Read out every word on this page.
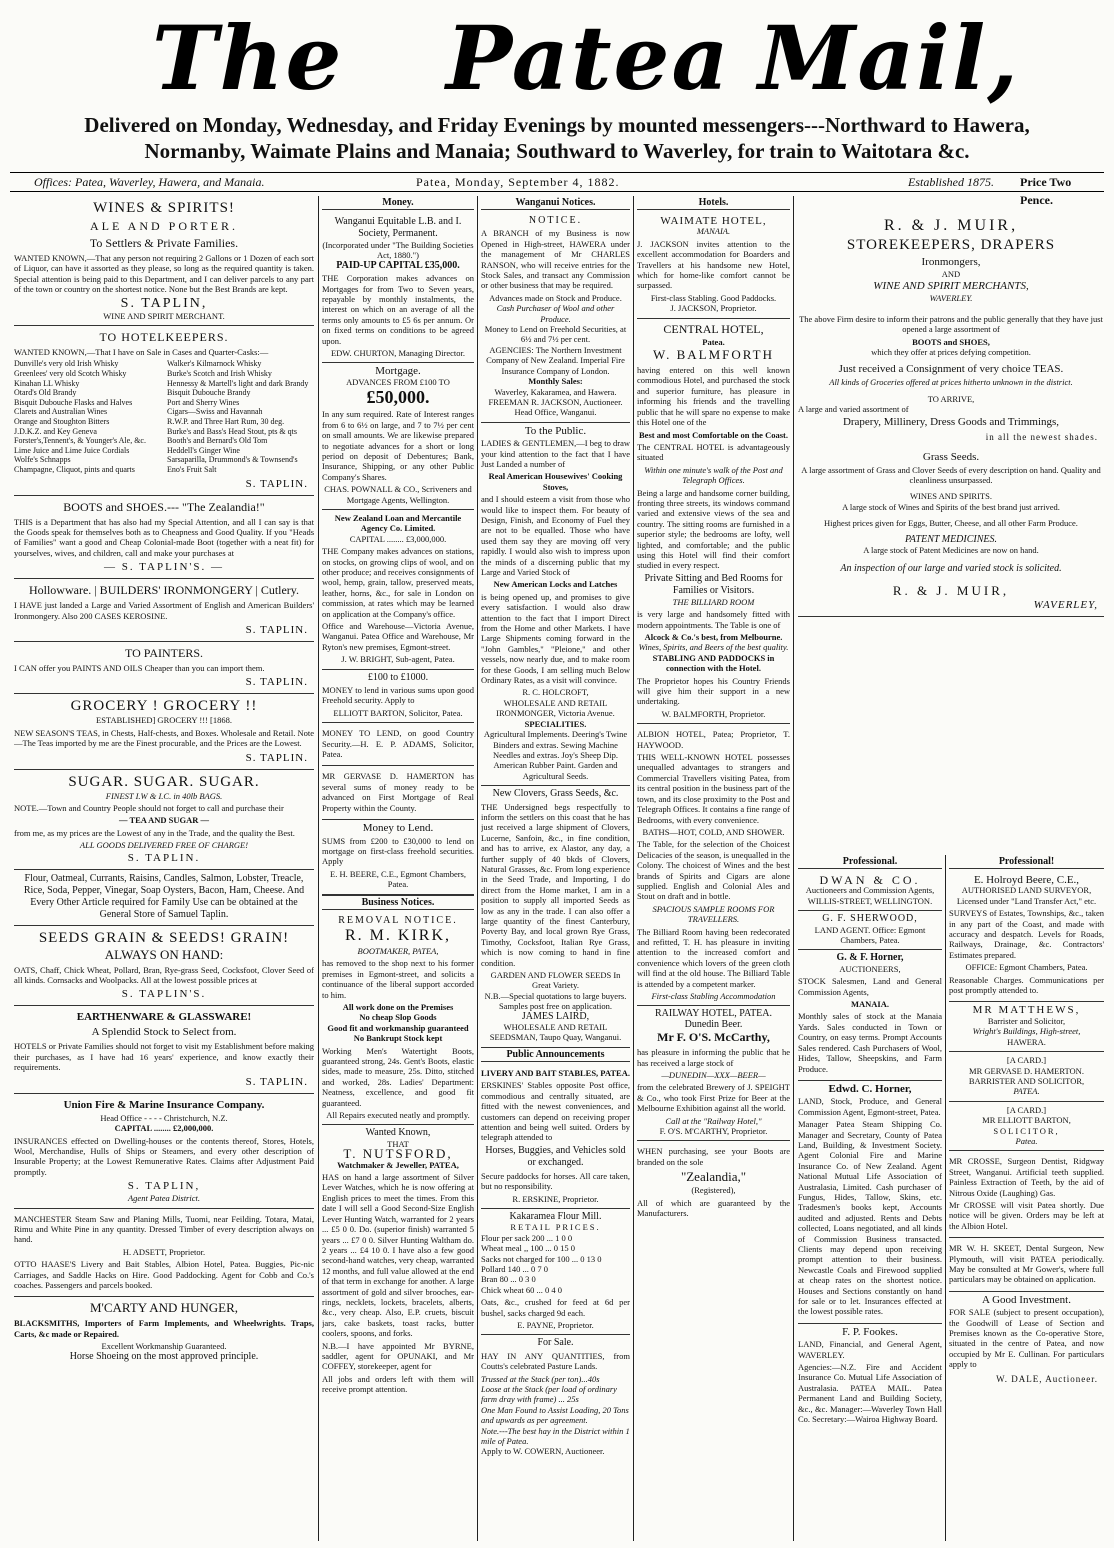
The Patea Mail,
Delivered on Monday, Wednesday, and Friday Evenings by mounted messengers---Northward to Hawera,
Normanby, Waimate Plains and Manaia; Southward to Waverley, for train to Waitotara &c.
Offices: Patea, Waverley, Hawera, and Manaia.	Patea, Monday, September 4, 1882.	Established 1875. Price Two Pence.
WINES & SPIRITS!
ALE AND PORTER.
To Settlers & Private Families.
WANTED KNOWN,—That any person not requiring 2 Gallons or 1 Dozen of each sort of Liquor, can have it assorted as they please, so long as the required quantity is taken. Special attention is being paid to this Department, and I can deliver parcels to any part of the town or country on the shortest notice. None but the Best Brands are kept.
S. TAPLIN,
WINE AND SPIRIT MERCHANT.
TO HOTELKEEPERS.
WANTED KNOWN,—That I have on Sale in Cases and Quarter-Casks:—
Dunville's very old Irish Whisky
Greenlees' very old Scotch Whisky
Kinahan LL Whisky
Otard's Old Brandy
Bisquit Dubouche Flasks and Halves
Clarets and Australian Wines
Orange and Stoughton Bitters
J.D.K.Z. and Key Geneva
Forster's,Tennent's, & Younger's Ale, &c.
Lime Juice and Lime Juice Cordials
Wolfe's Schnapps
Champagne, Cliquot, pints and quarts
Walker's Kilmarnock Whisky
Burke's Scotch and Irish Whisky
Hennessy & Martell's light and dark Brandy
Bisquit Dubouche Brandy
Port and Sherry Wines
Cigars—Swiss and Havannah
R.W.P. and Three Hart Rum, 30 deg.
Burke's and Bass's Head Stout, pts & qts
Booth's and Bernard's Old Tom
Heddell's Ginger Wine
Sarsaparilla, Drummond's & Townsend's
Eno's Fruit Salt
S. TAPLIN.
BOOTS and SHOES.--- "The Zealandia!"
THIS is a Department that has also had my Special Attention, and all I can say is that the Goods speak for themselves both as to Cheapness and Good Quality. If you "Heads of Families" want a good and Cheap Colonial-made Boot (together with a neat fit) for yourselves, wives, and children, call and make your purchases at
— S. TAPLIN'S. —
Hollowware. | BUILDERS' IRONMONGERY | Cutlery.
I HAVE just landed a Large and Varied Assortment of English and American Builders' Ironmongery. Also 200 CASES KEROSINE.
S. TAPLIN.
TO PAINTERS.
I CAN offer you PAINTS AND OILS Cheaper than you can import them.
S. TAPLIN.
GROCERY ! GROCERY !!
ESTABLISHED] GROCERY !!! [1868.
NEW SEASON'S TEAS, in Chests, Half-chests, and Boxes. Wholesale and Retail. Note—The Teas imported by me are the Finest procurable, and the Prices are the Lowest.
S. TAPLIN.
SUGAR. SUGAR. SUGAR.
FINEST I.W & I.C. in 40lb BAGS.
NOTE.—Town and Country People should not forget to call and purchase their
— TEA AND SUGAR —
from me, as my prices are the Lowest of any in the Trade, and the quality the Best.
ALL GOODS DELIVERED FREE OF CHARGE!
S. TAPLIN.
Flour, Oatmeal, Currants, Raisins, Candles, Salmon, Lobster, Treacle, Rice, Soda, Pepper, Vinegar, Soap Oysters, Bacon, Ham, Cheese. And Every Other Article required for Family Use can be obtained at the General Store of Samuel Taplin.
SEEDS GRAIN & SEEDS! GRAIN!
ALWAYS ON HAND:
OATS, Chaff, Chick Wheat, Pollard, Bran, Rye-grass Seed, Cocksfoot, Clover Seed of all kinds. Cornsacks and Woolpacks. All at the lowest possible prices at
S. TAPLIN'S.
EARTHENWARE & GLASSWARE!
A Splendid Stock to Select from.
HOTELS or Private Families should not forget to visit my Establishment before making their purchases, as I have had 16 years' experience, and know exactly their requirements.
S. TAPLIN.
Union Fire & Marine Insurance Company.
Head Office - - - - Christchurch, N.Z.
CAPITAL ........ £2,000,000.
INSURANCES effected on Dwelling-houses or the contents thereof, Stores, Hotels, Wool, Merchandise, Hulls of Ships or Steamers, and every other description of Insurable Property; at the Lowest Remunerative Rates. Claims after Adjustment Paid promptly.
S. TAPLIN,
Agent Patea District.
MANCHESTER Steam Saw and Planing Mills, Tuomi, near Feilding. Totara, Matai, Rimu and White Pine in any quantity. Dressed Timber of every description always on hand.
H. ADSETT, Proprietor.
OTTO HAASE'S Livery and Bait Stables, Albion Hotel, Patea. Buggies, Pic-nic Carriages, and Saddle Hacks on Hire. Good Paddocking. Agent for Cobb and Co.'s coaches. Passengers and parcels booked.
M'CARTY AND HUNGER,
BLACKSMITHS, Importers of Farm Implements, and Wheelwrights. Traps, Carts, &c made or Repaired.
Excellent Workmanship Guaranteed.
Horse Shoeing on the most approved principle.
Money.
Wanganui Equitable L.B. and I. Society, Permanent.
(Incorporated under "The Building Societies Act, 1880.")
PAID-UP CAPITAL £35,000.
THE Corporation makes advances on Mortgages for from Two to Seven years, repayable by monthly instalments, the interest on which on an average of all the terms only amounts to £5 6s per annum. Or on fixed terms on conditions to be agreed upon.
EDW. CHURTON, Managing Director.
Mortgage.
ADVANCES FROM £100 TO
£50,000.
In any sum required. Rate of Interest ranges from 6 to 6½ on large, and 7 to 7½ per cent on small amounts. We are likewise prepared to negotiate advances for a short or long period on deposit of Debentures; Bank, Insurance, Shipping, or any other Public Company's Shares.
CHAS. POWNALL & CO., Scriveners and Mortgage Agents, Wellington.
New Zealand Loan and Mercantile Agency Co. Limited.
CAPITAL ........ £3,000,000.
THE Company makes advances on stations, on stocks, on growing clips of wool, and on other produce; and receives consignments of wool, hemp, grain, tallow, preserved meats, leather, horns, &c., for sale in London on commission, at rates which may be learned on application at the Company's office.
Office and Warehouse—Victoria Avenue, Wanganui. Patea Office and Warehouse, Mr Ryton's new premises, Egmont-street.
J. W. BRIGHT, Sub-agent, Patea.
£100 to £1000.
MONEY to lend in various sums upon good Freehold security. Apply to
ELLIOTT BARTON, Solicitor, Patea.
MONEY TO LEND, on good Country Security.—H. E. P. ADAMS, Solicitor, Patea.
MR GERVASE D. HAMERTON has several sums of money ready to be advanced on First Mortgage of Real Property within the County.
Money to Lend.
SUMS from £200 to £30,000 to lend on mortgage on first-class freehold securities. Apply
E. H. BEERE, C.E., Egmont Chambers, Patea.
Business Notices.
REMOVAL NOTICE.
R. M. KIRK,
BOOTMAKER, PATEA,
has removed to the shop next to his former premises in Egmont-street, and solicits a continuance of the liberal support accorded to him.
All work done on the Premises
No cheap Slop Goods
Good fit and workmanship guaranteed
No Bankrupt Stock kept
Working Men's Watertight Boots, guaranteed strong, 24s. Gent's Boots, elastic sides, made to measure, 25s. Ditto, stitched and worked, 28s. Ladies' Department: Neatness, excellence, and good fit guaranteed.
All Repairs executed neatly and promptly.
Wanted Known,
THAT
T. NUTSFORD,
Watchmaker & Jeweller, PATEA,
HAS on hand a large assortment of Silver Lever Watches, which he is now offering at English prices to meet the times. From this date I will sell a Good Second-Size English Lever Hunting Watch, warranted for 2 years ... £5 0 0. Do. (superior finish) warranted 5 years ... £7 0 0. Silver Hunting Waltham do. 2 years ... £4 10 0. I have also a few good second-hand watches, very cheap, warranted 12 months, and full value allowed at the end of that term in exchange for another. A large assortment of gold and silver brooches, ear-rings, necklets, lockets, bracelets, alberts, &c., very cheap. Also, E.P. cruets, biscuit jars, cake baskets, toast racks, butter coolers, spoons, and forks.
N.B.—I have appointed Mr BYRNE, saddler, agent for OPUNAKI, and Mr COFFEY, storekeeper, agent for
All jobs and orders left with them will receive prompt attention.
Wanganui Notices.
NOTICE.
A BRANCH of my Business is now Opened in High-street, HAWERA under the management of Mr CHARLES RANSON, who will receive entries for the Stock Sales, and transact any Commission or other business that may be required.
Advances made on Stock and Produce.
Cash Purchaser of Wool and other Produce.
Money to Lend on Freehold Securities, at 6½ and 7½ per cent.
AGENCIES: The Northern Investment Company of New Zealand. Imperial Fire Insurance Company of London.
Monthly Sales:
Waverley, Kakaramea, and Hawera.
FREEMAN R. JACKSON, Auctioneer.
Head Office, Wanganui.
To the Public.
LADIES & GENTLEMEN,—I beg to draw your kind attention to the fact that I have Just Landed a number of
Real American Housewives' Cooking Stoves,
and I should esteem a visit from those who would like to inspect them. For beauty of Design, Finish, and Economy of Fuel they are not to be equalled. Those who have used them say they are moving off very rapidly. I would also wish to impress upon the minds of a discerning public that my Large and Varied Stock of
New American Locks and Latches
is being opened up, and promises to give every satisfaction. I would also draw attention to the fact that I import Direct from the Home and other Markets. I have Large Shipments coming forward in the "John Gambles," "Pleione," and other vessels, now nearly due, and to make room for these Goods, I am selling much Below Ordinary Rates, as a visit will convince.
R. C. HOLCROFT,
WHOLESALE AND RETAIL IRONMONGER, Victoria Avenue.
SPECIALITIES.
Agricultural Implements. Deering's Twine Binders and extras. Sewing Machine Needles and extras. Joy's Sheep Dip. American Rubber Paint. Garden and Agricultural Seeds.
New Clovers, Grass Seeds, &c.
THE Undersigned begs respectfully to inform the settlers on this coast that he has just received a large shipment of Clovers, Lucerne, Sanfoin, &c., in fine condition, and has to arrive, ex Alastor, any day, a further supply of 40 bkds of Clovers, Natural Grasses, &c. From long experience in the Seed Trade, and Importing, I do direct from the Home market, I am in a position to supply all imported Seeds as low as any in the trade. I can also offer a large quantity of the finest Canterbury, Poverty Bay, and local grown Rye Grass, Timothy, Cocksfoot, Italian Rye Grass, which is now coming to hand in fine condition.
GARDEN AND FLOWER SEEDS In Great Variety.
N.B.—Special quotations to large buyers. Samples post free on application.
JAMES LAIRD,
WHOLESALE AND RETAIL SEEDSMAN, Taupo Quay, Wanganui.
Public Announcements
LIVERY AND BAIT STABLES, PATEA.
ERSKINES' Stables opposite Post office, commodious and centrally situated, are fitted with the newest conveniences, and customers can depend on receiving proper attention and being well suited. Orders by telegraph attended to
Horses, Buggies, and Vehicles sold or exchanged.
Secure paddocks for horses. All care taken, but no responsibility.
R. ERSKINE, Proprietor.
Kakaramea Flour Mill.
RETAIL PRICES.
Flour per sack 200 ... 1 0 0
Wheat meal ,, 100 ... 0 15 0
Sacks not charged for 100 ... 0 13 0
Pollard 140 ... 0 7 0
Bran 80 ... 0 3 0
Chick wheat 60 ... 0 4 0
Oats, &c., crushed for feed at 6d per bushel, sacks charged 9d each.
E. PAYNE, Proprietor.
For Sale.
HAY IN ANY QUANTITIES, from Coutts's celebrated Pasture Lands.
Trussed at the Stack (per ton)...40s
Loose at the Stack (per load of ordinary farm dray with frame) ... 25s
One Man Found to Assist Loading, 20 Tons and upwards as per agreement.
Note.---The best hay in the District within 1 mile of Patea.
Apply to W. COWERN, Auctioneer.
Hotels.
WAIMATE HOTEL,
MANAIA.
J. JACKSON invites attention to the excellent accommodation for Boarders and Travellers at his handsome new Hotel, which for home-like comfort cannot be surpassed.
First-class Stabling. Good Paddocks.
J. JACKSON, Proprietor.
CENTRAL HOTEL,
Patea.
W. BALMFORTH
having entered on this well known commodious Hotel, and purchased the stock and superior furniture, has pleasure in informing his friends and the travelling public that he will spare no expense to make this Hotel one of the
Best and most Comfortable on the Coast.
The CENTRAL HOTEL is advantageously situated
Within one minute's walk of the Post and Telegraph Offices.
Being a large and handsome corner building, fronting three streets, its windows command varied and extensive views of the sea and country. The sitting rooms are furnished in a superior style; the bedrooms are lofty, well lighted, and comfortable; and the public using this Hotel will find their comfort studied in every respect.
Private Sitting and Bed Rooms for Families or Visitors.
THE BILLIARD ROOM
is very large and handsomely fitted with modern appointments. The Table is one of
Alcock & Co.'s best, from Melbourne.
Wines, Spirits, and Beers of the best quality.
STABLING AND PADDOCKS in connection with the Hotel.
The Proprietor hopes his Country Friends will give him their support in a new undertaking.
W. BALMFORTH, Proprietor.
ALBION HOTEL, Patea; Proprietor, T. HAYWOOD.
THIS WELL-KNOWN HOTEL possesses unequalled advantages to strangers and Commercial Travellers visiting Patea, from its central position in the business part of the town, and its close proximity to the Post and Telegraph Offices. It contains a fine range of Bedrooms, with every convenience.
BATHS—HOT, COLD, AND SHOWER.
The Table, for the selection of the Choicest Delicacies of the season, is unequalled in the Colony. The choicest of Wines and the best brands of Spirits and Cigars are alone supplied. English and Colonial Ales and Stout on draft and in bottle.
SPACIOUS SAMPLE ROOMS FOR TRAVELLERS.
The Billiard Room having been redecorated and refitted, T. H. has pleasure in inviting attention to the increased comfort and convenience which lovers of the green cloth will find at the old house. The Billiard Table is attended by a competent marker.
First-class Stabling Accommodation
RAILWAY HOTEL, PATEA.
Dunedin Beer.
Mr F. O'S. McCarthy,
has pleasure in informing the public that he has received a large stock of
—DUNEDIN—XXX—BEER—
from the celebrated Brewery of J. SPEIGHT & Co., who took First Prize for Beer at the Melbourne Exhibition against all the world.
Call at the "Railway Hotel,"
F. O'S. M'CARTHY, Proprietor.
WHEN purchasing, see your Boots are branded on the sole
"Zealandia,"
(Registered),
All of which are guaranteed by the Manufacturers.
R. & J. MUIR,
STOREKEEPERS, DRAPERS
Ironmongers,
AND
WINE AND SPIRIT MERCHANTS,
WAVERLEY.
The above Firm desire to inform their patrons and the public generally that they have just opened a large assortment of
BOOTS and SHOES,
which they offer at prices defying competition.
Just received a Consignment of very choice TEAS.
All kinds of Groceries offered at prices hitherto unknown in the district.
TO ARRIVE,
A large and varied assortment of
Drapery, Millinery, Dress Goods and Trimmings,
in all the newest shades.
Grass Seeds.
A large assortment of Grass and Clover Seeds of every description on hand. Quality and cleanliness unsurpassed.
WINES AND SPIRITS.
A large stock of Wines and Spirits of the best brand just arrived.
Highest prices given for Eggs, Butter, Cheese, and all other Farm Produce.
PATENT MEDICINES.
A large stock of Patent Medicines are now on hand.
An inspection of our large and varied stock is solicited.
R. & J. MUIR,
WAVERLEY,
Professional.
DWAN & CO.
Auctioneers and Commission Agents, WILLIS-STREET, WELLINGTON.
G. F. SHERWOOD,
LAND AGENT. Office: Egmont Chambers, Patea.
G. & F. Horner,
AUCTIONEERS,
STOCK Salesmen, Land and General Commission Agents,
MANAIA.
Monthly sales of stock at the Manaia Yards. Sales conducted in Town or Country, on easy terms. Prompt Accounts Sales rendered. Cash Purchasers of Wool, Hides, Tallow, Sheepskins, and Farm Produce.
Edwd. C. Horner,
LAND, Stock, Produce, and General Commission Agent, Egmont-street, Patea.
Manager Patea Steam Shipping Co. Manager and Secretary, County of Patea Land, Building, & Investment Society. Agent Colonial Fire and Marine Insurance Co. of New Zealand. Agent National Mutual Life Association of Australasia, Limited. Cash purchaser of Fungus, Hides, Tallow, Skins, etc. Tradesmen's books kept, Accounts audited and adjusted. Rents and Debts collected, Loans negotiated, and all kinds of Commission Business transacted. Clients may depend upon receiving prompt attention to their business. Newcastle Coals and Firewood supplied at cheap rates on the shortest notice. Houses and Sections constantly on hand for sale or to let. Insurances effected at the lowest possible rates.
F. P. Fookes.
LAND, Financial, and General Agent, WAVERLEY.
Agencies:—N.Z. Fire and Accident Insurance Co. Mutual Life Association of Australasia. PATEA MAIL. Patea Permanent Land and Building Society, &c., &c. Manager:—Waverley Town Hall Co. Secretary:—Wairoa Highway Board.
Professional!
E. Holroyd Beere, C.E.,
AUTHORISED LAND SURVEYOR, Licensed under "Land Transfer Act," etc.
SURVEYS of Estates, Townships, &c., taken in any part of the Coast, and made with accuracy and despatch. Levels for Roads, Railways, Drainage, &c. Contractors' Estimates prepared.
OFFICE: Egmont Chambers, Patea.
Reasonable Charges. Communications per post promptly attended to.
MR MATTHEWS,
Barrister and Solicitor,
Wright's Buildings, High-street,
HAWERA.
[A CARD.]
MR GERVASE D. HAMERTON.
BARRISTER AND SOLICITOR,
PATEA.
[A CARD.]
MR ELLIOTT BARTON,
SOLICITOR,
Patea.
MR CROSSE, Surgeon Dentist, Ridgway Street, Wanganui. Artificial teeth supplied. Painless Extraction of Teeth, by the aid of Nitrous Oxide (Laughing) Gas.
Mr CROSSE will visit Patea shortly. Due notice will be given. Orders may be left at the Albion Hotel.
MR W. H. SKEET, Dental Surgeon, New Plymouth, will visit PATEA periodically. May be consulted at Mr Gower's, where full particulars may be obtained on application.
A Good Investment.
FOR SALE (subject to present occupation), the Goodwill of Lease of Section and Premises known as the Co-operative Store, situated in the centre of Patea, and now occupied by Mr E. Cullinan. For particulars apply to
W. DALE, Auctioneer.
